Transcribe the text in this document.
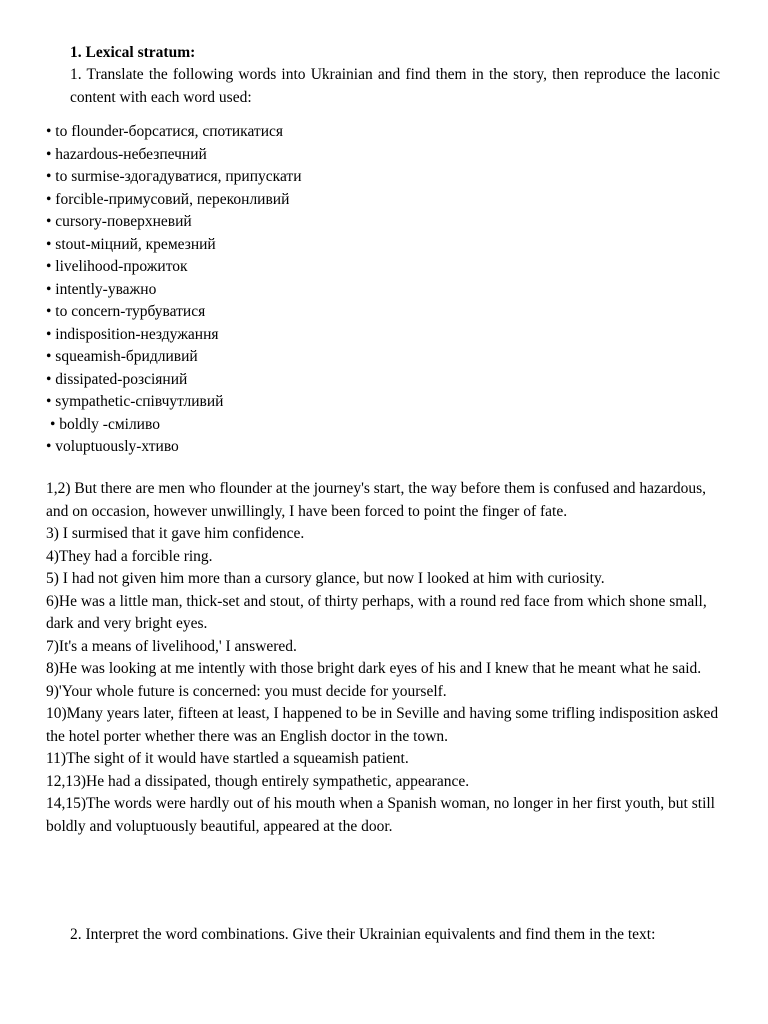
1. Lexical stratum:

1. Translate the following words into Ukrainian and find them in the story, then reproduce the laconic content with each word used:

• to flounder-борсатися, спотикатися
• hazardous-небезпечний
• to surmise-здогадуватися, припускати
• forcible-примусовий, переконливий
• cursory-поверхневий
• stout-міцний, кремезний
• livelihood-прожиток
• intently-уважно
• to concern-турбуватися
• indisposition-нездужання
• squeamish-бридливий
• dissipated-розсіяний
• sympathetic-співчутливий
• boldly -сміливо
• voluptuously-хтиво
1,2) But there are men who flounder at the journey's start, the way before them is confused and hazardous, and on occasion, however unwillingly, I have been forced to point the finger of fate.
3) I surmised that it gave him confidence.
4)They had a forcible ring.
5) I had not given him more than a cursory glance, but now I looked at him with curiosity.
6)He was a little man, thick-set and stout, of thirty perhaps, with a round red face from which shone small, dark and very bright eyes.
7)It's a means of livelihood,' I answered.
8)He was looking at me intently with those bright dark eyes of his and I knew that he meant what he said.
9)'Your whole future is concerned: you must decide for yourself.
10)Many years later, fifteen at least, I happened to be in Seville and having some trifling indisposition asked the hotel porter whether there was an English doctor in the town.
11)The sight of it would have startled a squeamish patient.
12,13)He had a dissipated, though entirely sympathetic, appearance.
14,15)The words were hardly out of his mouth when a Spanish woman, no longer in her first youth, but still boldly and voluptuously beautiful, appeared at the door.

2. Interpret the word combinations. Give their Ukrainian equivalents and find them in the text:
